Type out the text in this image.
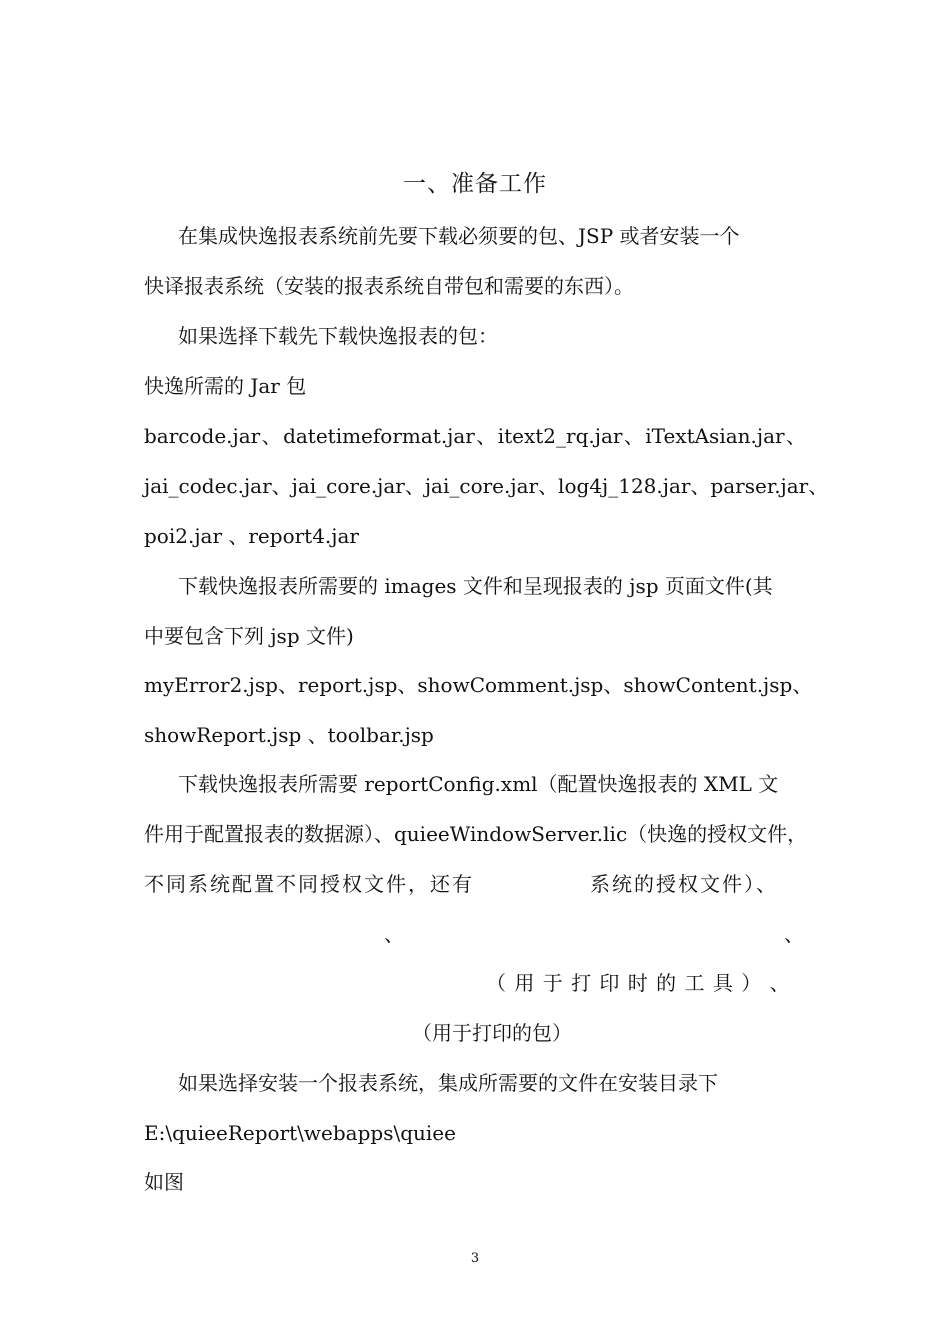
一、准备工作
在集成快逸报表系统前先要下载必须要的包、JSP 或者安装一个
快译报表系统（安装的报表系统自带包和需要的东西）。
如果选择下载先下载快逸报表的包：
快逸所需的 Jar 包
barcode.jar 、 datetimeformat.jar 、 itext2_rq.jar 、 iTextAsian.jar 、
jai_codec.jar 、jai_core.jar 、jai_core.jar 、log4j_128.jar 、parser.jar 、
poi2.jar 、report4.jar
下载快逸报表所需要的 images 文件和呈现报表的 jsp 页面文件(其
中要包含下列 jsp 文件)
myError2.jsp 、 report.jsp 、 showComment.jsp 、 showContent.jsp 、
showReport.jsp 、toolbar.jsp
下载快逸报表所需要 reportConfig.xml（配置快逸报表的 XML 文
件用于配置报表的数据源）、quieeWindowServer.lic（快逸的授权文件，
不同系统配置不同授权文件，还有	系统的授权文件）、
、	、
（ 用 于 打 印 时 的 工 具 ） 、
（用于打印的包）
如果选择安装一个报表系统，集成所需要的文件在安装目录下
E:\quieeReport\webapps\quiee
如图
3
